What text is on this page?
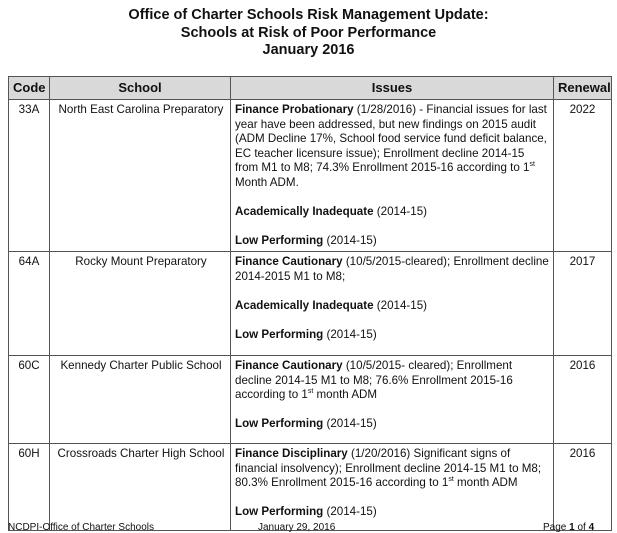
Office of Charter Schools Risk Management Update:
Schools at Risk of Poor Performance
January 2016
Code	School	Issues	Renewal
33A	North East Carolina Preparatory	Finance Probationary (1/28/2016) - Financial issues for last year have been addressed, but new findings on 2015 audit (ADM Decline 17%, School food service fund deficit balance, EC teacher licensure issue); Enrollment decline 2014-15 from M1 to M8; 74.3% Enrollment 2015-16 according to 1st Month ADM.

Academically Inadequate (2014-15)

Low Performing (2014-15)	2022
64A	Rocky Mount Preparatory	Finance Cautionary (10/5/2015-cleared); Enrollment decline 2014-2015 M1 to M8;

Academically Inadequate (2014-15)

Low Performing (2014-15)	2017
60C	Kennedy Charter Public School	Finance Cautionary (10/5/2015- cleared); Enrollment decline 2014-15 M1 to M8; 76.6% Enrollment 2015-16 according to 1st month ADM

Low Performing (2014-15)	2016
60H	Crossroads Charter High School	Finance Disciplinary (1/20/2016) Significant signs of financial insolvency); Enrollment decline 2014-15 M1 to M8; 80.3% Enrollment 2015-16 according to 1st month ADM

Low Performing (2014-15)	2016
NCDPI-Office of Charter Schools	January 29, 2016	Page 1 of 4
